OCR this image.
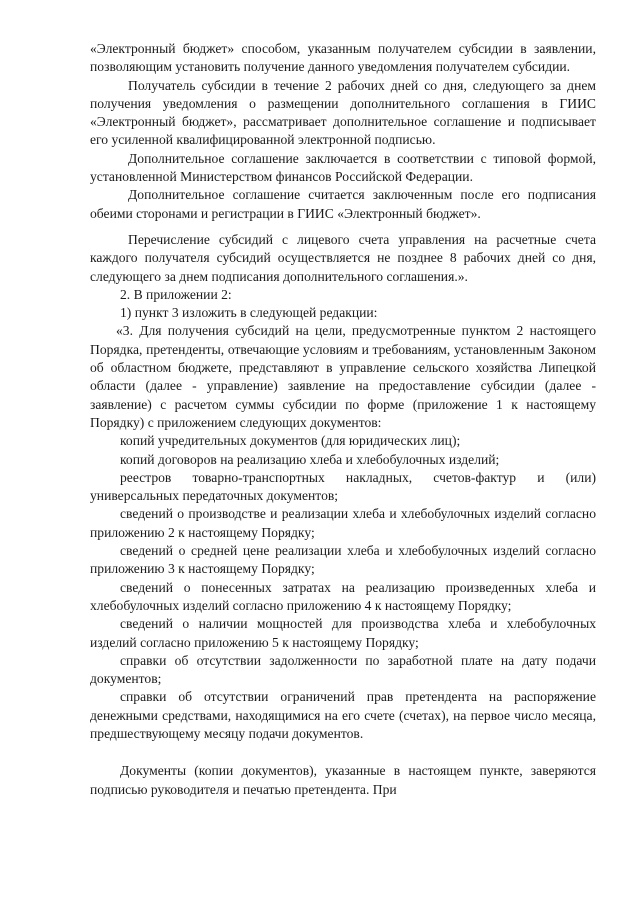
«Электронный бюджет» способом, указанным получателем субсидии в заявлении, позволяющим установить получение данного уведомления получателем субсидии.

Получатель субсидии в течение 2 рабочих дней со дня, следующего за днем получения уведомления о размещении дополнительного соглашения в ГИИС «Электронный бюджет», рассматривает дополнительное соглашение и подписывает его усиленной квалифицированной электронной подписью.

Дополнительное соглашение заключается в соответствии с типовой формой, установленной Министерством финансов Российской Федерации.

Дополнительное соглашение считается заключенным после его подписания обеими сторонами и регистрации в ГИИС «Электронный бюджет».

Перечисление субсидий с лицевого счета управления на расчетные счета каждого получателя субсидий осуществляется не позднее 8 рабочих дней со дня, следующего за днем подписания дополнительного соглашения.».

2. В приложении 2:

1) пункт 3 изложить в следующей редакции:

«3. Для получения субсидий на цели, предусмотренные пунктом 2 настоящего Порядка, претенденты, отвечающие условиям и требованиям, установленным Законом об областном бюджете, представляют в управление сельского хозяйства Липецкой области (далее - управление) заявление на предоставление субсидии (далее - заявление) с расчетом суммы субсидии по форме (приложение 1 к настоящему Порядку) с приложением следующих документов:

копий учредительных документов (для юридических лиц);

копий договоров на реализацию хлеба и хлебобулочных изделий;

реестров товарно-транспортных накладных, счетов-фактур и (или) универсальных передаточных документов;

сведений о производстве и реализации хлеба и хлебобулочных изделий согласно приложению 2 к настоящему Порядку;

сведений о средней цене реализации хлеба и хлебобулочных изделий согласно приложению 3 к настоящему Порядку;

сведений о понесенных затратах на реализацию произведенных хлеба и хлебобулочных изделий согласно приложению 4 к настоящему Порядку;

сведений о наличии мощностей для производства хлеба и хлебобулочных изделий согласно приложению 5 к настоящему Порядку;

справки об отсутствии задолженности по заработной плате на дату подачи документов;

справки об отсутствии ограничений прав претендента на распоряжение денежными средствами, находящимися на его счете (счетах), на первое число месяца, предшествующему месяцу подачи документов.

Документы (копии документов), указанные в настоящем пункте, заверяются подписью руководителя и печатью претендента. При
